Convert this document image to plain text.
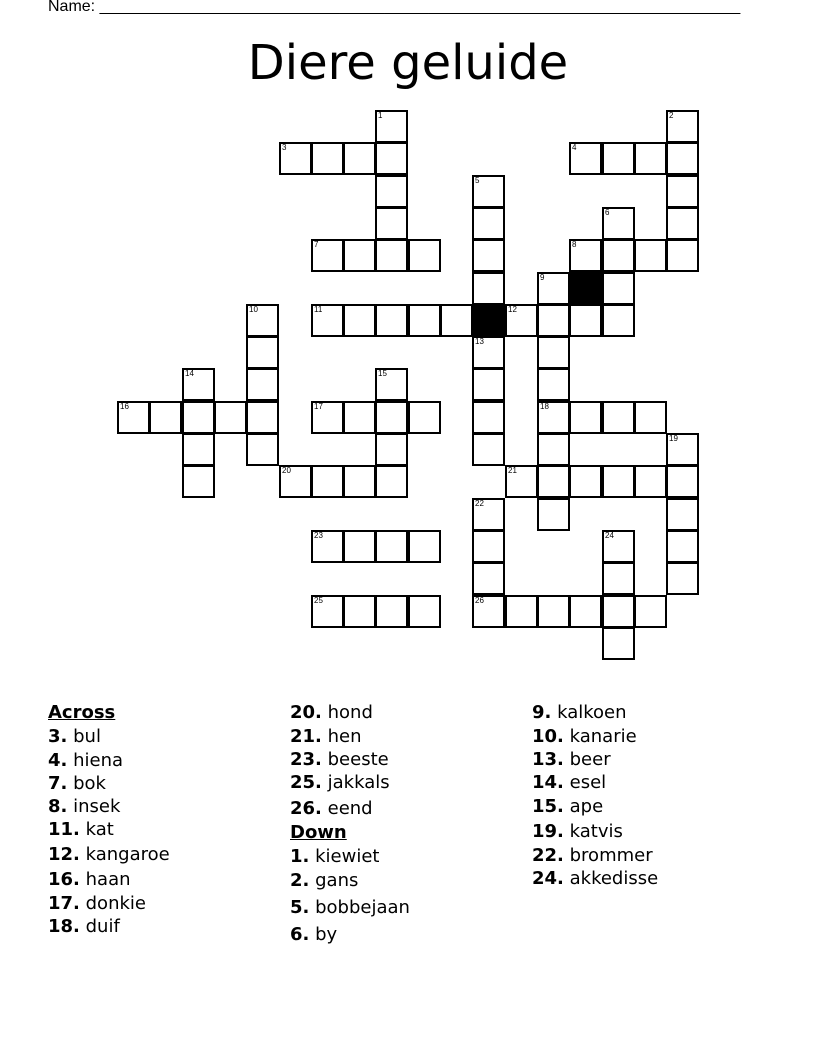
Name: ________________________________________________________________________
Diere geluide
1	2
3	4
5
6
7	8
9
10	11	12
13
14	15
16	17	18
19
20	21
22
23	24
25	26
Across
3. bul
4. hiena
7. bok
8. insek
11. kat
12. kangaroe
16. haan
17. donkie
18. duif
20. hond
21. hen
23. beeste
25. jakkals
26. eend
Down
1. kiewiet
2. gans
5. bobbejaan
6. by
9. kalkoen
10. kanarie
13. beer
14. esel
15. ape
19. katvis
22. brommer
24. akkedisse
